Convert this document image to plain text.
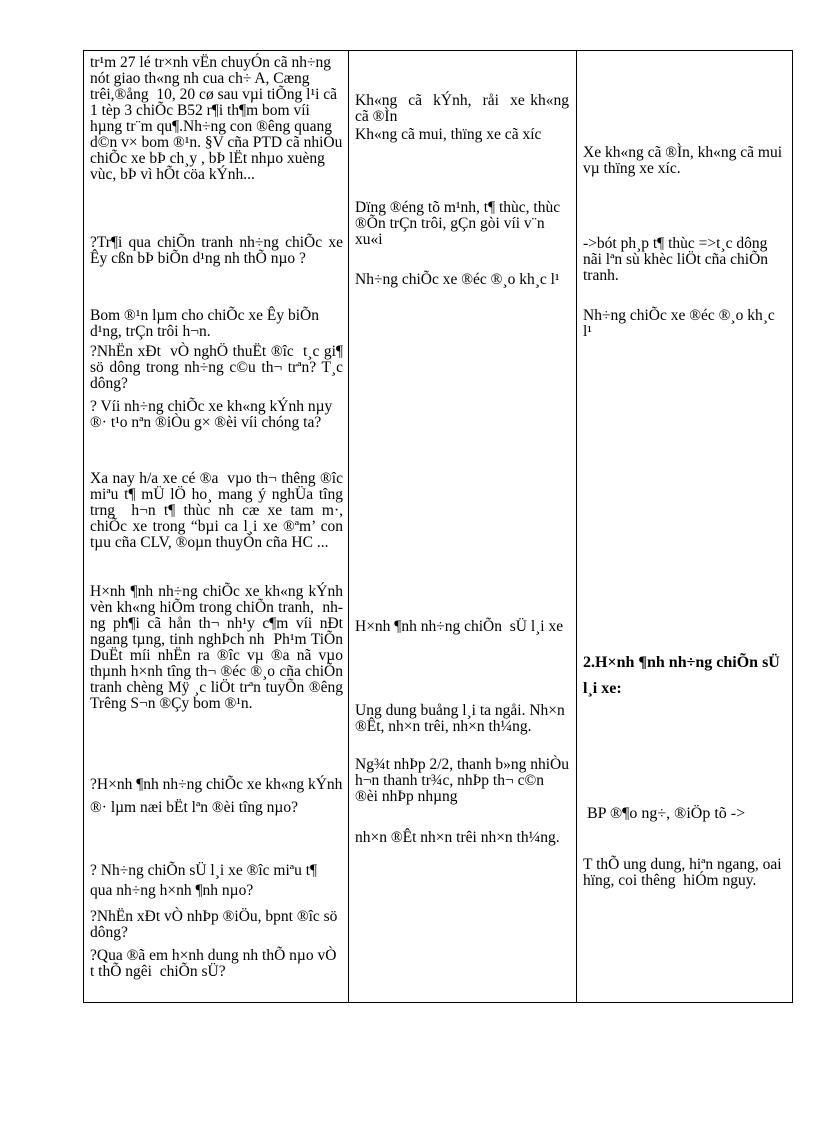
tr¹m 27 lé tr×nh vËn chuyÓn cã nh÷ng nót giao th«ng nh cua ch÷ A, Cæng trêi,®ång  10, 20 cø sau vµi tiÕng l¹i cã 1 tèp 3 chiÕc B52 r¶i th¶m bom víi hµng tr¨m qu¶.Nh÷ng con ®êng quang d©n v× bom ®¹n. §V cña PTD cã nhiÒu chiÕc xe bÞ ch¸y , bÞ lËt nhµo xuèng vùc, bÞ vì hÕt cöa kÝnh...

?Tr¶i qua chiÕn tranh nh÷ng chiÕc xe Êy cßn bÞ biÕn d¹ng nh thÕ nµo ?

Bom ®¹n lµm cho chiÕc xe Êy biÕn d¹ng, trÇn trôi h¬n.

?NhËn xÐt  vÒ nghÖ thuËt ®îc  t¸c gi¶ sö dông trong nh÷ng c©u th¬ trªn? T¸c dông?

? Víi nh÷ng chiÕc xe kh«ng kÝnh nµy ®· t¹o nªn ®iÒu g× ®èi víi chóng ta?

Xa nay h/a xe cé ®a  vµo th¬ thêng ®îc  miªu t¶ mÜ lÖ ho¸ mang ý nghÜa tîng  trng  h¬n t¶ thùc nh cæ xe tam m·, chiÕc xe trong “bµi ca l¸i xe ®ªm’ con tµu cña CLV, ®oµn thuyÒn cña HC ...

H×nh ¶nh nh÷ng chiÕc xe kh«ng kÝnh vèn kh«ng hiÕm trong chiÕn tranh,  nhng ph¶i cã hån th¬ nh¹y c¶m víi nÐt ngang tµng, tinh nghÞch nh  Ph¹m TiÕn DuËt míi nhËn ra ®îc vµ ®a nã vµo thµnh h×nh tîng th¬ ®éc ®¸o cña chiÕn tranh chèng Mÿ ¸c liÖt trªn tuyÕn ®êng Trêng S¬n ®Çy bom ®¹n.

?H×nh ¶nh nh÷ng chiÕc xe kh«ng kÝnh ®· lµm næi bËt lªn ®èi tîng nµo?

? Nh÷ng chiÕn sÜ l¸i xe ®îc miªu t¶ qua nh÷ng h×nh ¶nh nµo?

?NhËn xÐt vÒ nhÞp ®iÖu, bpnt ®îc sö dông?

?Qua ®ã em h×nh dung nh thÕ nµo vÒ t thÕ ngêi  chiÕn sÜ?

Kh«ng  cã  kÝnh,  råi  xe kh«ng cã ®Ìn

Kh«ng cã mui, thïng xe cã xíc

Dïng ®éng tõ m¹nh, t¶ thùc, thùc ®Õn trÇn trôi, gÇn gòi víi v¨n xu«i

Nh÷ng chiÕc xe ®éc ®¸o kh¸c l¹

H×nh ¶nh nh÷ng chiÕn  sÜ l¸i xe

Ung dung buång l¸i ta ngåi. Nh×n ®Êt, nh×n trêi, nh×n th¼ng.

Ng¾t nhÞp 2/2, thanh b»ng nhiÒu h¬n thanh tr¾c, nhÞp th¬ c©n ®èi nhÞp nhµng

nh×n ®Êt nh×n trêi nh×n th¼ng.

Xe kh«ng cã ®Ìn, kh«ng cã mui vµ thïng xe xíc.

->bót ph¸p t¶ thùc =>t¸c dông nãi lªn sù khèc liÖt cña chiÕn tranh.

Nh÷ng chiÕc xe ®éc ®¸o kh¸c l¹

2.H×nh ¶nh nh÷ng chiÕn sÜ l¸i xe:

BP ®¶o ng÷, ®iÖp tõ ->

T thÕ ung dung, hiªn ngang, oai hïng, coi thêng  hiÓm nguy.
